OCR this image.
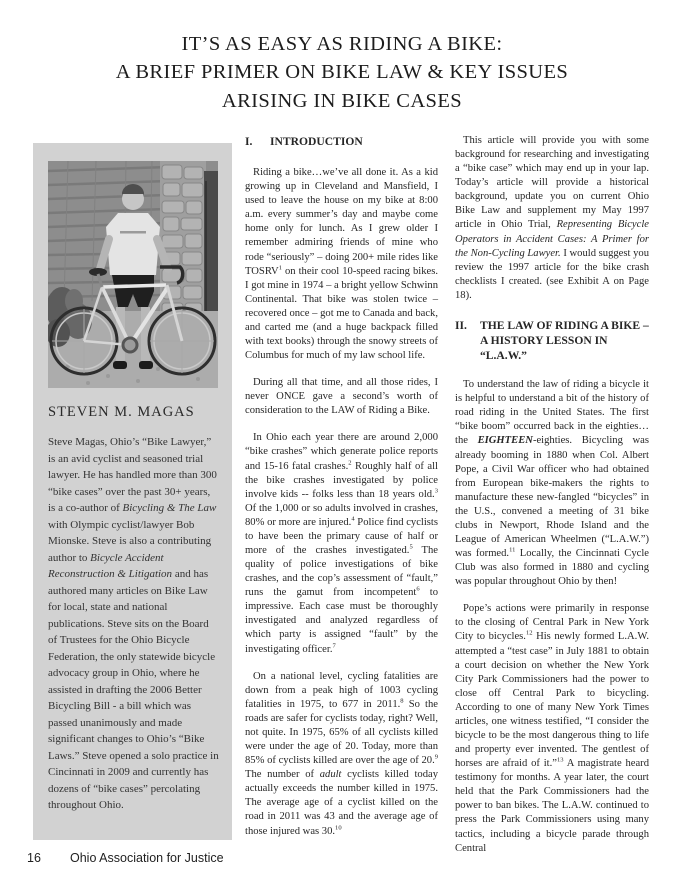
IT’S AS EASY AS RIDING A BIKE:
A BRIEF PRIMER ON BIKE LAW & KEY ISSUES
ARISING IN BIKE CASES
STEVEN M. MAGAS
Steve Magas, Ohio’s “Bike Lawyer,” is an avid cyclist and seasoned trial lawyer. He has handled more than 300 “bike cases” over the past 30+ years, is a co-author of Bicycling & The Law with Olympic cyclist/lawyer Bob Mionske. Steve is also a contributing author to Bicycle Accident Reconstruction & Litigation and has authored many articles on Bike Law for local, state and national publications. Steve sits on the Board of Trustees for the Ohio Bicycle Federation, the only statewide bicycle advocacy group in Ohio, where he assisted in drafting the 2006 Better Bicycling Bill - a bill which was passed unanimously and made significant changes to Ohio’s “Bike Laws.” Steve opened a solo practice in Cincinnati in 2009 and currently has dozens of “bike cases” percolating throughout Ohio.
I.	INTRODUCTION

Riding a bike…we’ve all done it. As a kid growing up in Cleveland and Mansfield, I used to leave the house on my bike at 8:00 a.m. every summer’s day and maybe come home only for lunch. As I grew older I remember admiring friends of mine who rode “seriously” – doing 200+ mile rides like TOSRV$^1$ on their cool 10-speed racing bikes. I got mine in 1974 – a bright yellow Schwinn Continental. That bike was stolen twice – recovered once – got me to Canada and back, and carted me (and a huge backpack filled with text books) through the snowy streets of Columbus for much of my law school life.

During all that time, and all those rides, I never ONCE gave a second’s worth of consideration to the LAW of Riding a Bike.

In Ohio each year there are around 2,000 “bike crashes” which generate police reports and 15-16 fatal crashes.$^2$ Roughly half of all the bike crashes investigated by police involve kids -- folks less than 18 years old.$^3$ Of the 1,000 or so adults involved in crashes, 80% or more are injured.$^4$ Police find cyclists to have been the primary cause of half or more of the crashes investigated.$^5$ The quality of police investigations of bike crashes, and the cop’s assessment of “fault,” runs the gamut from incompetent$^6$ to impressive. Each case must be thoroughly investigated and analyzed regardless of which party is assigned “fault” by the investigating officer.$^7$

On a national level, cycling fatalities are down from a peak high of 1003 cycling fatalities in 1975, to 677 in 2011.$^8$ So the roads are safer for cyclists today, right? Well, not quite. In 1975, 65% of all cyclists killed were under the age of 20. Today, more than 85% of cyclists killed are over the age of 20.$^9$ The number of adult cyclists killed today actually exceeds the number killed in 1975. The average age of a cyclist killed on the road in 2011 was 43 and the average age of those injured was 30.10

This article will provide you with some background for researching and investigating a “bike case” which may end up in your lap. Today’s article will provide a historical background, update you on current Ohio Bike Law and supplement my May 1997 article in Ohio Trial, Representing Bicycle Operators in Accident Cases: A Primer for the Non-Cycling Lawyer. I would suggest you review the 1997 article for the bike crash checklists I created. (see Exhibit A on Page 18).

II.	THE LAW OF RIDING A BIKE – A HISTORY LESSON IN “L.A.W.”

To understand the law of riding a bicycle it is helpful to understand a bit of the history of road riding in the United States. The first “bike boom” occurred back in the eighties… the EIGHTEEN-eighties. Bicycling was already booming in 1880 when Col. Albert Pope, a Civil War officer who had obtained from European bike-makers the rights to manufacture these new-fangled “bicycles” in the U.S., convened a meeting of 31 bike clubs in Newport, Rhode Island and the League of American Wheelmen (“L.A.W.”) was formed.$^{11}$ Locally, the Cincinnati Cycle Club was also formed in 1880 and cycling was popular throughout Ohio by then!

Pope’s actions were primarily in response to the closing of Central Park in New York City to bicycles.$^{12}$ His newly formed L.A.W. attempted a “test case” in July 1881 to obtain a court decision on whether the New York City Park Commissioners had the power to close off Central Park to bicycling. According to one of many New York Times articles, one witness testified, “I consider the bicycle to be the most dangerous thing to life and property ever invented. The gentlest of horses are afraid of it.”$^{13}$ A magistrate heard testimony for months. A year later, the court held that the Park Commissioners had the power to ban bikes. The L.A.W. continued to press the Park Commissioners using many tactics, including a bicycle parade through Central

16	Ohio Association for Justice
